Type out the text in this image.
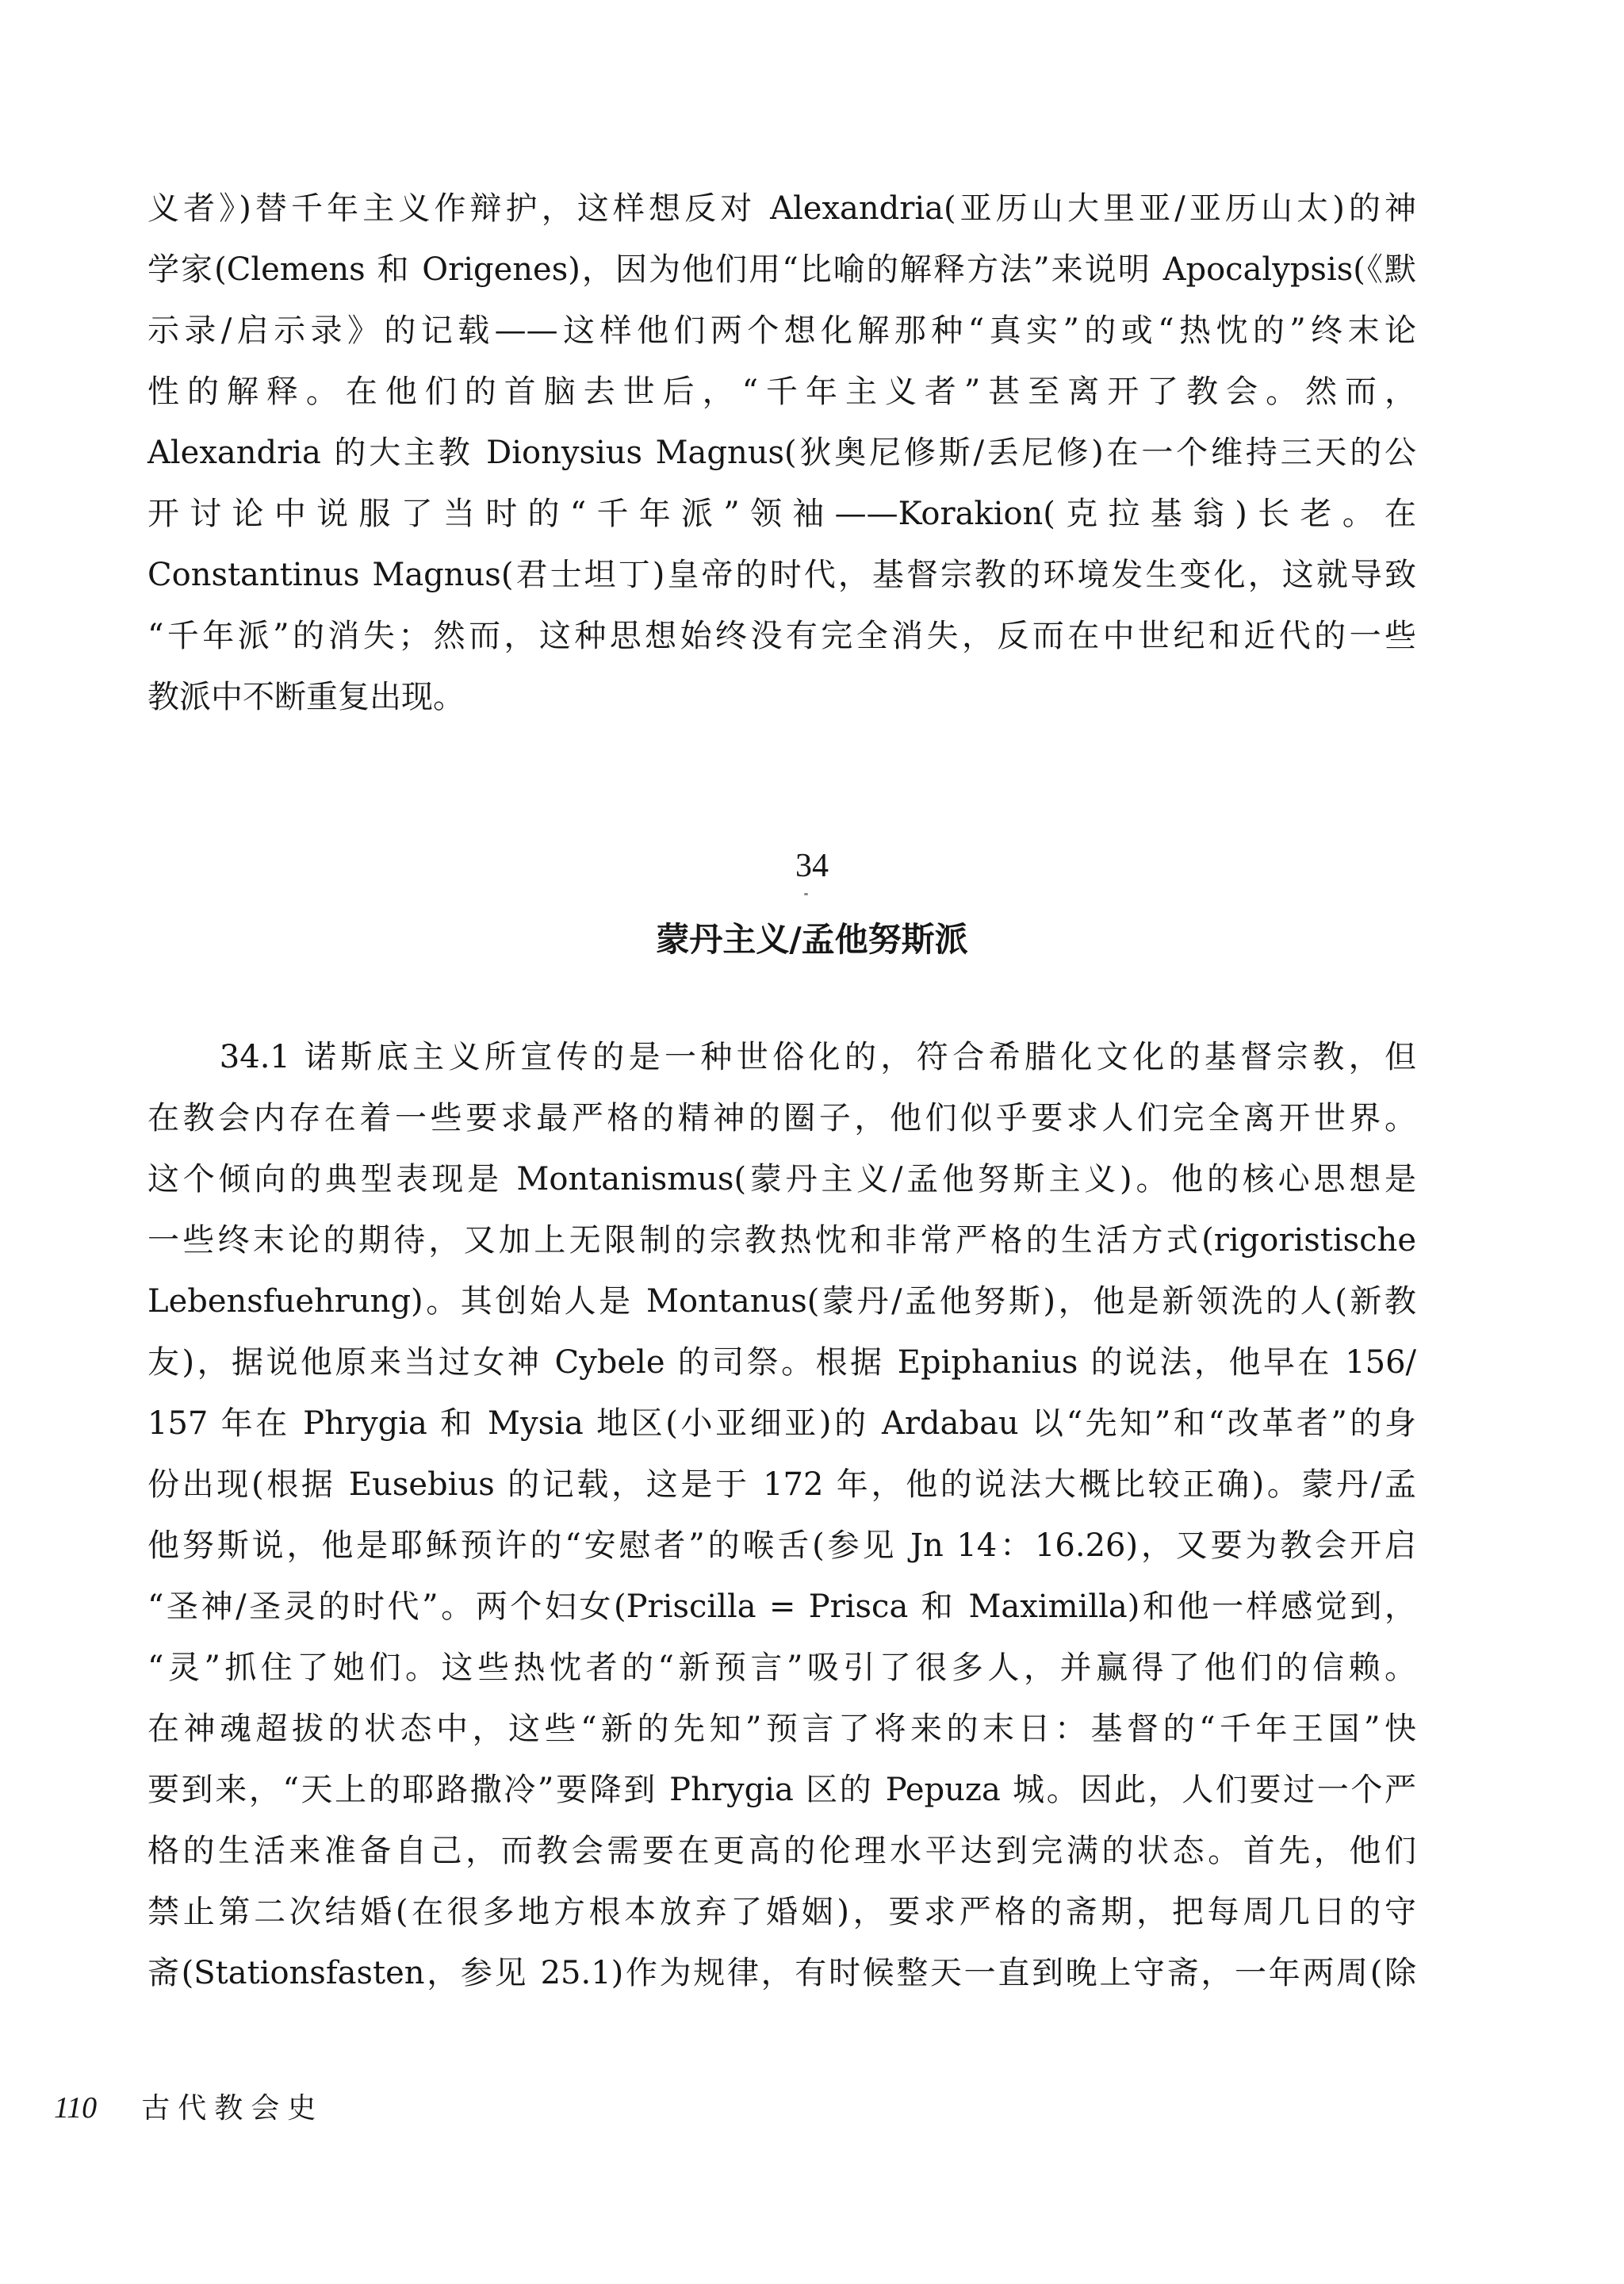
义者》)替千年主义作辩护，这样想反对 Alexandria(亚历山大里亚/亚历山太)的神
学家(Clemens 和 Origenes)，因为他们用“比喻的解释方法”来说明 Apocalypsis(《默
示录/启示录》的记载——这样他们两个想化解那种“真实”的或“热忱的”终末论
性的解释。在他们的首脑去世后，“千年主义者”甚至离开了教会。然而，
Alexandria 的大主教 Dionysius Magnus(狄奥尼修斯/丢尼修)在一个维持三天的公
开讨论中说服了当时的“千年派”领袖——Korakion(克拉基翁)长老。在
Constantinus Magnus(君士坦丁)皇帝的时代，基督宗教的环境发生变化，这就导致
“千年派”的消失；然而，这种思想始终没有完全消失，反而在中世纪和近代的一些
教派中不断重复出现。
34
蒙丹主义/孟他努斯派
　　34.1 诺斯底主义所宣传的是一种世俗化的，符合希腊化文化的基督宗教，但
在教会内存在着一些要求最严格的精神的圈子，他们似乎要求人们完全离开世界。
这个倾向的典型表现是 Montanismus(蒙丹主义/孟他努斯主义)。他的核心思想是
一些终末论的期待，又加上无限制的宗教热忱和非常严格的生活方式(rigoristische
Lebensfuehrung)。其创始人是 Montanus(蒙丹/孟他努斯)，他是新领洗的人(新教
友)，据说他原来当过女神 Cybele 的司祭。根据 Epiphanius 的说法，他早在 156/
157 年在 Phrygia 和 Mysia 地区(小亚细亚)的 Ardabau 以“先知”和“改革者”的身
份出现(根据 Eusebius 的记载，这是于 172 年，他的说法大概比较正确)。蒙丹/孟
他努斯说，他是耶稣预许的“安慰者”的喉舌(参见 Jn 14：16.26)，又要为教会开启
“圣神/圣灵的时代”。两个妇女(Priscilla = Prisca 和 Maximilla)和他一样感觉到，
“灵”抓住了她们。这些热忱者的“新预言”吸引了很多人，并赢得了他们的信赖。
在神魂超拔的状态中，这些“新的先知”预言了将来的末日：基督的“千年王国”快
要到来，“天上的耶路撒冷”要降到 Phrygia 区的 Pepuza 城。因此，人们要过一个严
格的生活来准备自己，而教会需要在更高的伦理水平达到完满的状态。首先，他们
禁止第二次结婚(在很多地方根本放弃了婚姻)，要求严格的斋期，把每周几日的守
斋(Stationsfasten，参见 25.1)作为规律，有时候整天一直到晚上守斋，一年两周(除
110 古代教会史
